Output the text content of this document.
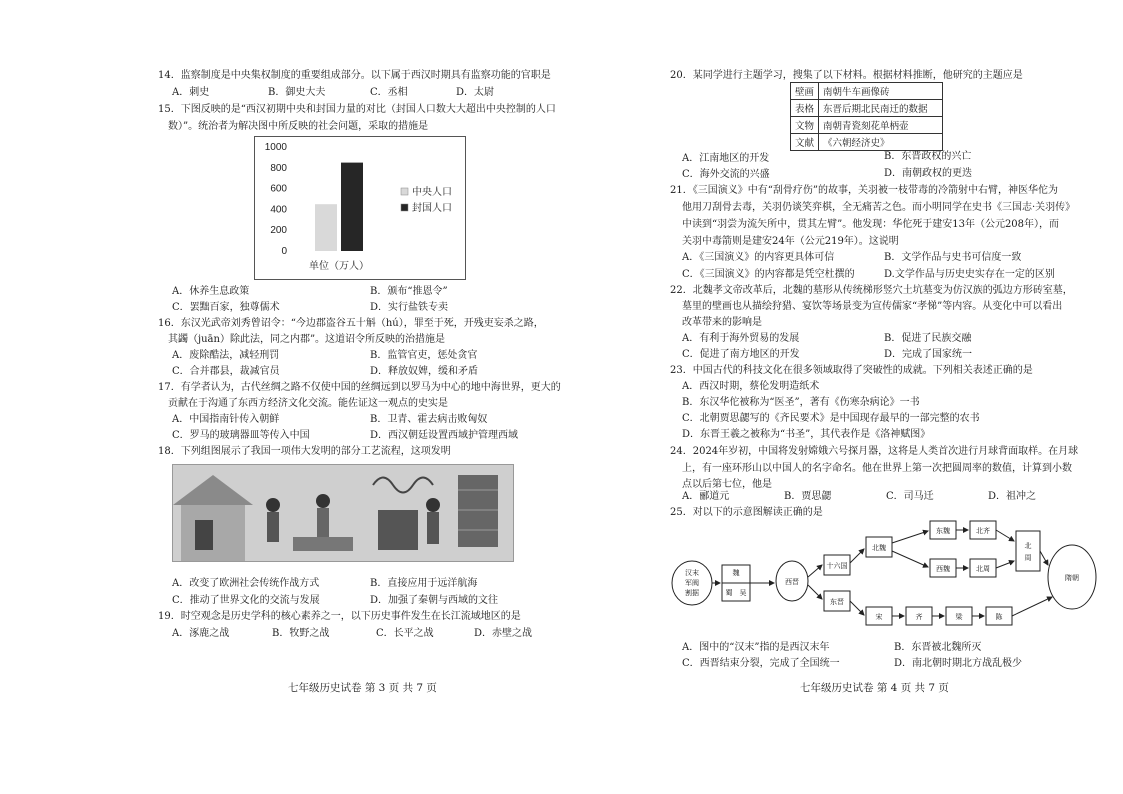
14．监察制度是中央集权制度的重要组成部分。以下属于西汉时期具有监察功能的官职是
A．刺史	B．御史大夫	C．丞相	D．太尉
15．下图反映的是“西汉初期中央和封国力量的对比（封国人口数大大超出中央控制的人口
数）”。统治者为解决图中所反映的社会问题，采取的措施是
0
200
400
600
800
1000
中央人口
封国人口
单位（万人）
A．休养生息政策	B．颁布“推恩令”
C．罢黜百家，独尊儒术	D．实行盐铁专卖
16．东汉光武帝刘秀曾诏令：“今边郡盗谷五十斛（hú），罪至于死，开残吏妄杀之路，
其蠲（juān）除此法，同之内郡”。这道诏令所反映的治措施是
A．废除酷法，减轻刑罚	B．监管官吏，惩处贪官
C．合并郡县，裁减官员	D．释放奴婢，缓和矛盾
17．有学者认为，古代丝绸之路不仅使中国的丝绸远到以罗马为中心的地中海世界，更大的
贡献在于沟通了东西方经济文化交流。能佐证这一观点的史实是
A．中国指南针传入朝鲜	B．卫青、霍去病击败匈奴
C．罗马的玻璃器皿等传入中国	D．西汉朝廷设置西域护管理西域
18．下列组图展示了我国一项伟大发明的部分工艺流程，这项发明
A．改变了欧洲社会传统作战方式	B．直接应用于远洋航海
C．推动了世界文化的交流与发展	D．加强了秦朝与西域的文往
19．时空观念是历史学科的核心素养之一，以下历史事件发生在长江流域地区的是
A．涿鹿之战	B．牧野之战	C．长平之战	D．赤壁之战
七年级历史试卷 第 3 页 共 7 页
20．某同学进行主题学习，搜集了以下材料。根据材料推断，他研究的主题应是
壁画	南朝牛车画像砖
表格	东晋后期北民南迁的数据
文物	南朝青瓷刻花单柄壶
文献	《六朝经济史》
A．江南地区的开发	B．东晋政权的兴亡
C．海外交流的兴盛	D．南朝政权的更迭
21．《三国演义》中有“刮骨疗伤”的故事，关羽被一枝带毒的冷箭射中右臂，神医华佗为
他用刀刮骨去毒，关羽仍谈笑弈棋，全无痛苦之色。而小明同学在史书《三国志·关羽传》
中读到“羽尝为流矢所中，贯其左臂”。他发现：华佗死于建安13年（公元208年），而
关羽中毒箭则是建安24年（公元219年）。这说明
A．《三国演义》的内容更具体可信	B．文学作品与史书可信度一致
C．《三国演义》的内容都是凭空杜撰的	D.文学作品与历史史实存在一定的区别
22．北魏孝文帝改革后，北魏的墓形从传统梯形竖穴土坑墓变为仿汉族的弧边方形砖室墓，
墓里的壁画也从描绘狩猎、宴饮等场景变为宣传儒家“孝悌”等内容。从变化中可以看出
改革带来的影响是
A．有利于海外贸易的发展	B．促进了民族交融
C．促进了南方地区的开发	D．完成了国家统一
23．中国古代的科技文化在很多领域取得了突破性的成就。下列相关表述正确的是
A．西汉时期，蔡伦发明造纸术
B．东汉华佗被称为“医圣”，著有《伤寒杂病论》一书
C．北朝贾思勰写的《齐民要术》是中国现存最早的一部完整的农书
D．东晋王羲之被称为“书圣”，其代表作是《洛神赋图》
24．2024年岁初，中国将发射嫦娥六号探月器，这将是人类首次进行月球背面取样。在月球
上，有一座环形山以中国人的名字命名。他在世界上第一次把圆周率的数值，计算到小数
点以后第七位，他是
A．郦道元	B．贾思勰	C．司马迁	D．祖冲之
25．对以下的示意图解读正确的是
汉末
军阀
割据
魏
蜀 吴
西晋
十六国
东晋
北魏
东魏	北齐
西魏	北周
北
周
宋	齐	梁	陈
隋朝
A．图中的“汉末”指的是西汉末年	B．东晋被北魏所灭
C．西晋结束分裂，完成了全国统一	D．南北朝时期北方战乱极少
七年级历史试卷 第 4 页 共 7 页
